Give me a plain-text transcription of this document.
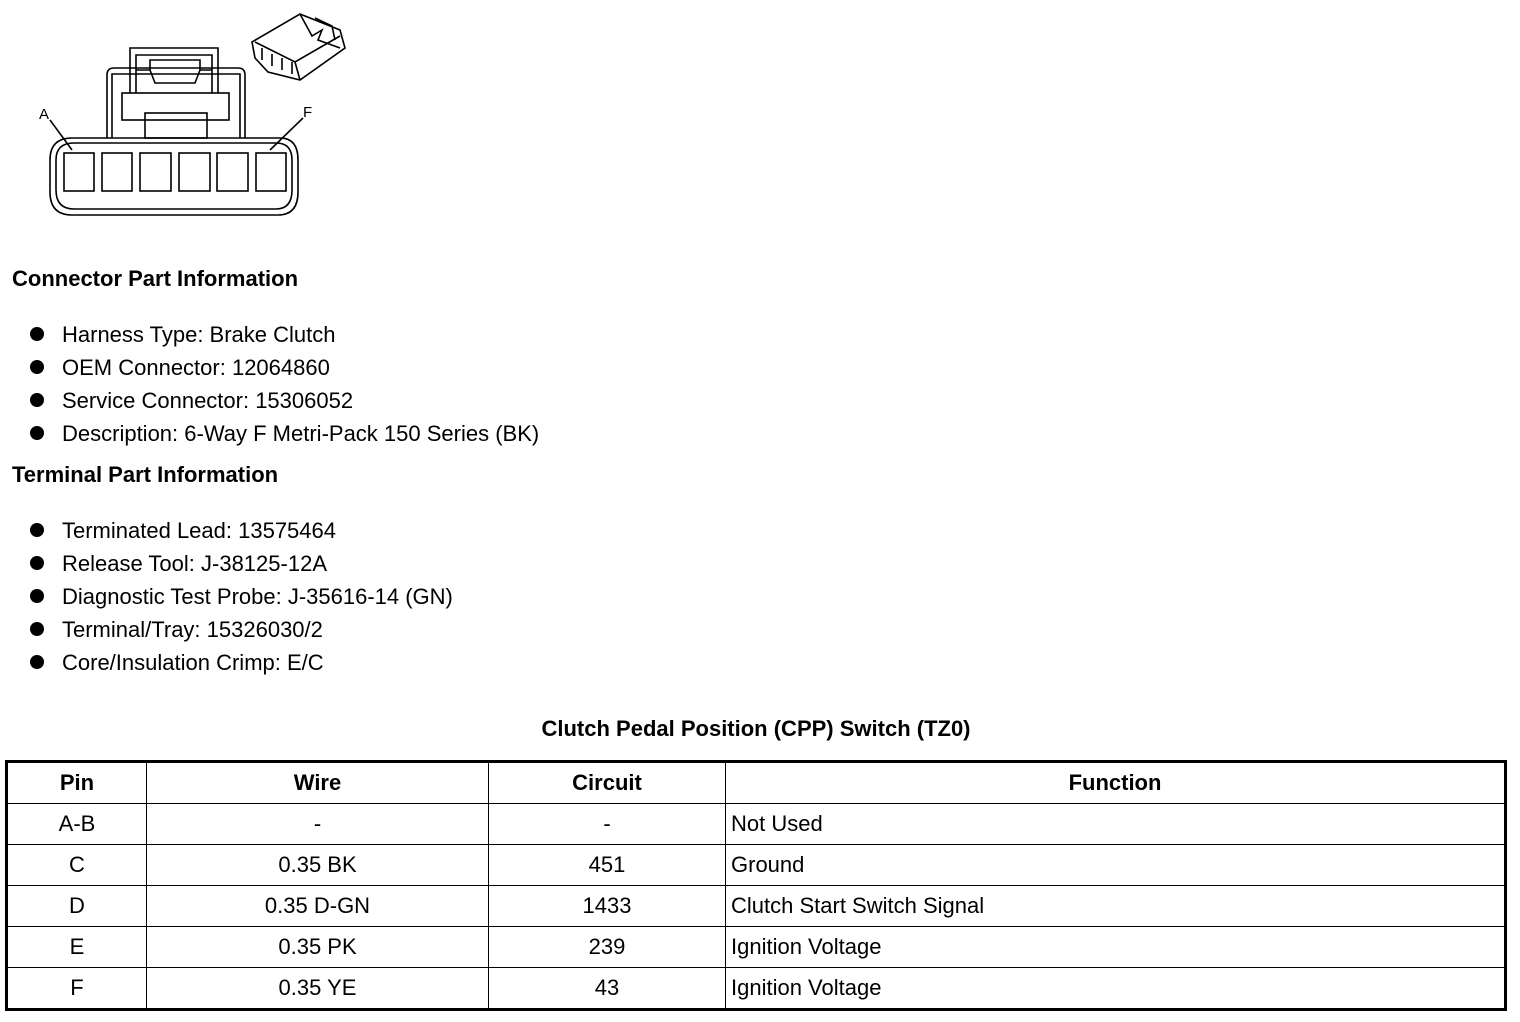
A	F
Connector Part Information
Harness Type: Brake Clutch
OEM Connector: 12064860
Service Connector: 15306052
Description: 6-Way F Metri-Pack 150 Series (BK)
Terminal Part Information
Terminated Lead: 13575464
Release Tool: J-38125-12A
Diagnostic Test Probe: J-35616-14 (GN)
Terminal/Tray: 15326030/2
Core/Insulation Crimp: E/C
Clutch Pedal Position (CPP) Switch (TZ0)
Pin	Wire	Circuit	Function
A-B	-	-	Not Used
C	0.35 BK	451	Ground
D	0.35 D-GN	1433	Clutch Start Switch Signal
E	0.35 PK	239	Ignition Voltage
F	0.35 YE	43	Ignition Voltage
